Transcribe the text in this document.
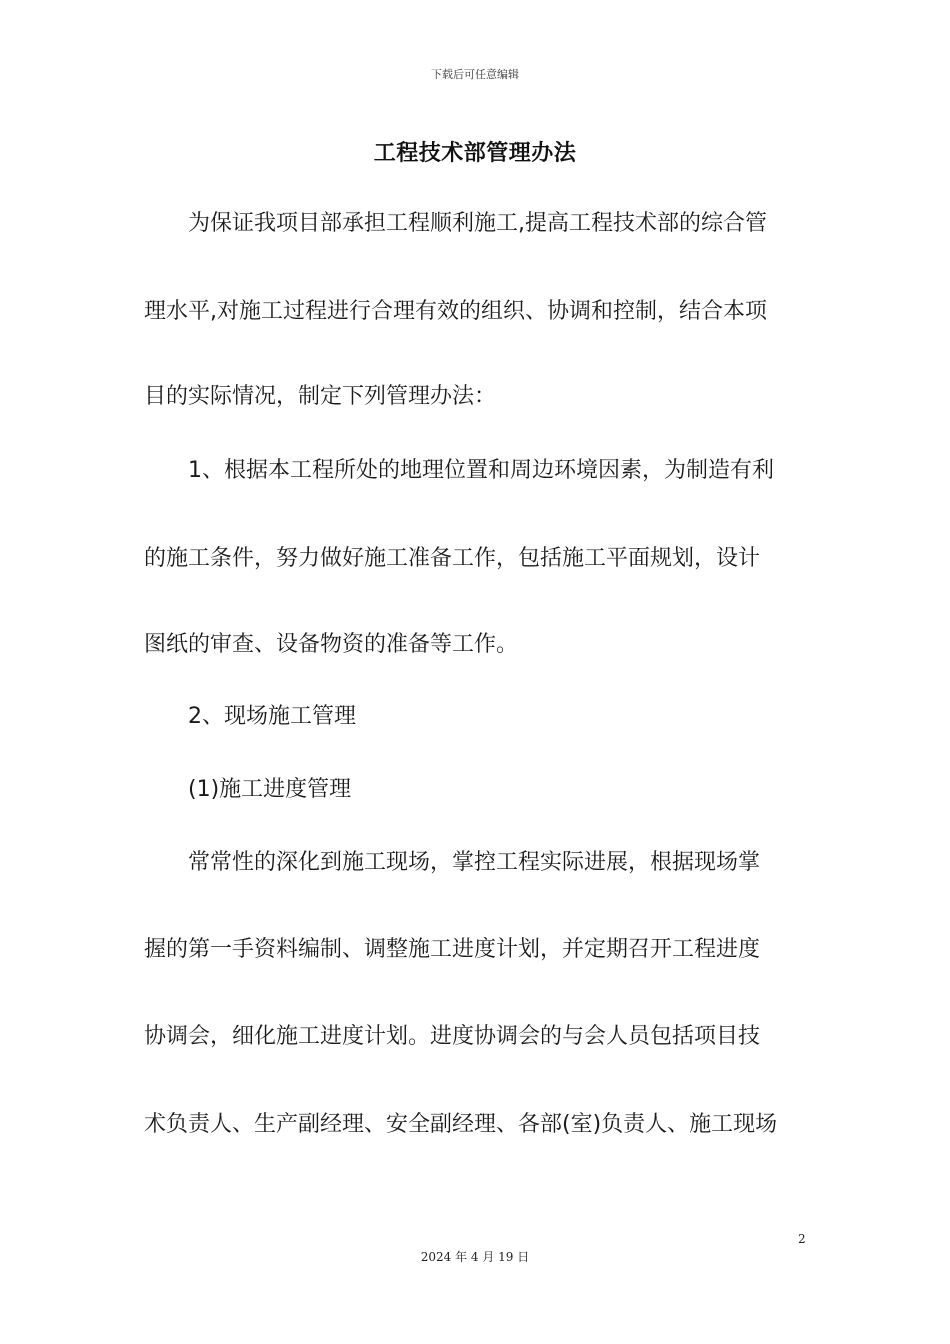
下载后可任意编辑
工程技术部管理办法
为保证我项目部承担工程顺利施工,提高工程技术部的综合管
理水平,对施工过程进行合理有效的组织、协调和控制，结合本项
目的实际情况，制定下列管理办法：
1、根据本工程所处的地理位置和周边环境因素，为制造有利
的施工条件，努力做好施工准备工作，包括施工平面规划，设计
图纸的审查、设备物资的准备等工作。
2、现场施工管理
(1)施工进度管理
常常性的深化到施工现场，掌控工程实际进展，根据现场掌
握的第一手资料编制、调整施工进度计划，并定期召开工程进度
协调会，细化施工进度计划。进度协调会的与会人员包括项目技
术负责人、生产副经理、安全副经理、各部(室)负责人、施工现场
2
2024 年 4 月 19 日
